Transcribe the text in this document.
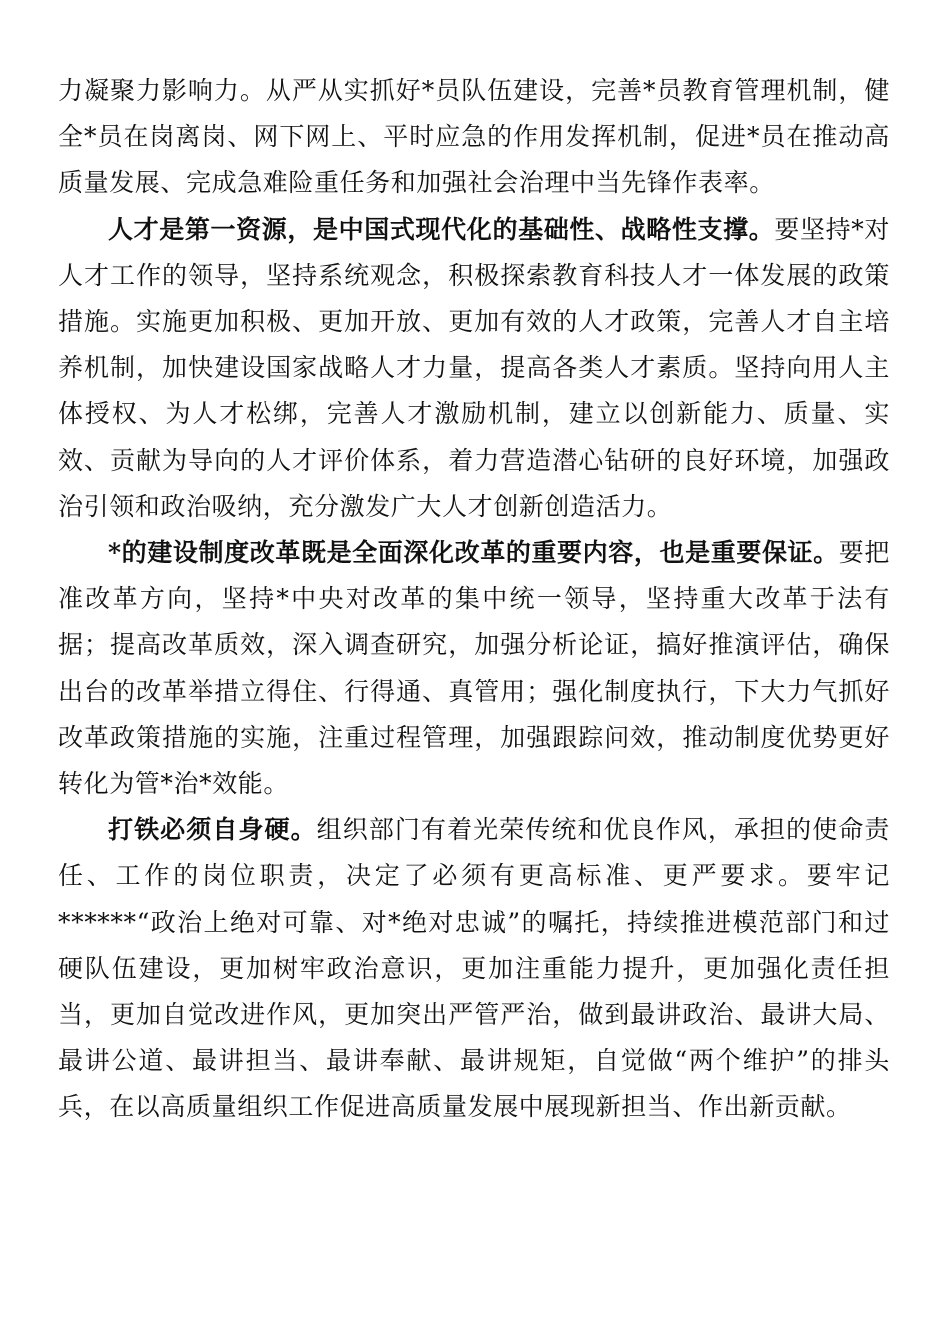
力凝聚力影响力。从严从实抓好*员队伍建设，完善*员教育管理机制，健全*员在岗离岗、网下网上、平时应急的作用发挥机制，促进*员在推动高质量发展、完成急难险重任务和加强社会治理中当先锋作表率。

人才是第一资源，是中国式现代化的基础性、战略性支撑。要坚持*对人才工作的领导，坚持系统观念，积极探索教育科技人才一体发展的政策措施。实施更加积极、更加开放、更加有效的人才政策，完善人才自主培养机制，加快建设国家战略人才力量，提高各类人才素质。坚持向用人主体授权、为人才松绑，完善人才激励机制，建立以创新能力、质量、实效、贡献为导向的人才评价体系，着力营造潜心钻研的良好环境，加强政治引领和政治吸纳，充分激发广大人才创新创造活力。

*的建设制度改革既是全面深化改革的重要内容，也是重要保证。要把准改革方向，坚持*中央对改革的集中统一领导，坚持重大改革于法有据；提高改革质效，深入调查研究，加强分析论证，搞好推演评估，确保出台的改革举措立得住、行得通、真管用；强化制度执行，下大力气抓好改革政策措施的实施，注重过程管理，加强跟踪问效，推动制度优势更好转化为管*治*效能。

打铁必须自身硬。组织部门有着光荣传统和优良作风，承担的使命责任、工作的岗位职责，决定了必须有更高标准、更严要求。要牢记******“政治上绝对可靠、对*绝对忠诚”的嘱托，持续推进模范部门和过硬队伍建设，更加树牢政治意识，更加注重能力提升，更加强化责任担当，更加自觉改进作风，更加突出严管严治，做到最讲政治、最讲大局、最讲公道、最讲担当、最讲奉献、最讲规矩，自觉做“两个维护”的排头兵，在以高质量组织工作促进高质量发展中展现新担当、作出新贡献。
